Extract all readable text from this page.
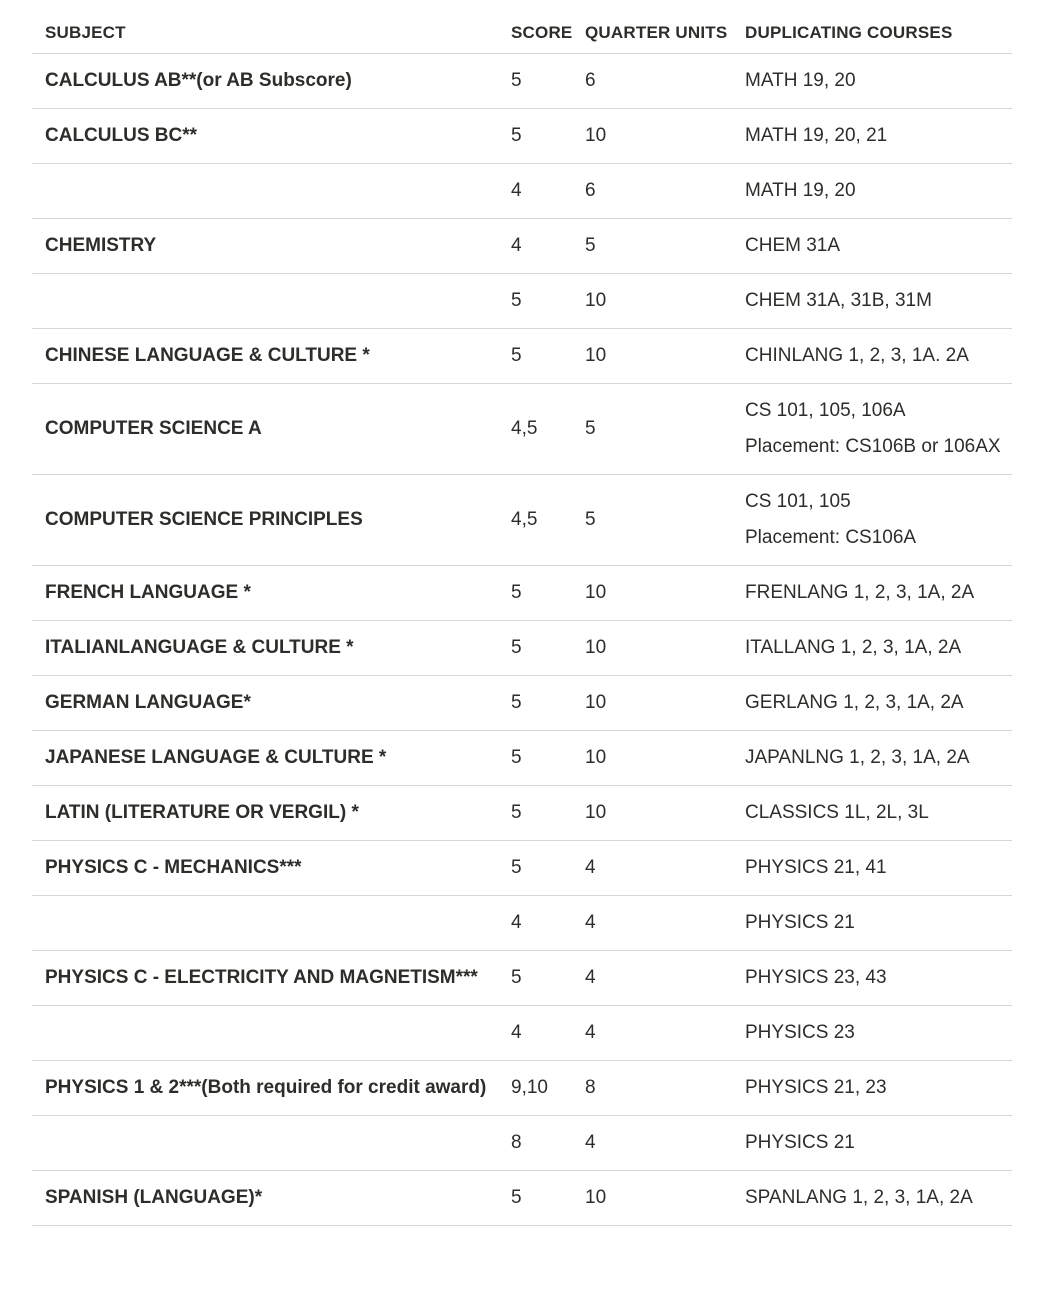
SUBJECT	SCORE	QUARTER UNITS	DUPLICATING COURSES
CALCULUS AB**(or AB Subscore)	5	6	MATH 19, 20

CALCULUS BC**	5	10	MATH 19, 20, 21

	4	6	MATH 19, 20

CHEMISTRY	4	5	CHEM 31A

	5	10	CHEM 31A, 31B, 31M

CHINESE LANGUAGE & CULTURE *	5	10	CHINLANG 1, 2, 3, 1A. 2A

COMPUTER SCIENCE A	4,5	5	CS 101, 105, 106A
Placement: CS106B or 106AX

COMPUTER SCIENCE PRINCIPLES	4,5	5	CS 101, 105
Placement: CS106A

FRENCH LANGUAGE *	5	10	FRENLANG 1, 2, 3, 1A, 2A

ITALIANLANGUAGE & CULTURE *	5	10	ITALLANG 1, 2, 3, 1A, 2A

GERMAN LANGUAGE*	5	10	GERLANG 1, 2, 3, 1A, 2A

JAPANESE LANGUAGE & CULTURE *	5	10	JAPANLNG 1, 2, 3, 1A, 2A

LATIN (LITERATURE OR VERGIL) *	5	10	CLASSICS 1L, 2L, 3L

PHYSICS C - MECHANICS***	5	4	PHYSICS 21, 41

	4	4	PHYSICS 21

PHYSICS C - ELECTRICITY AND MAGNETISM***	5	4	PHYSICS 23, 43

	4	4	PHYSICS 23

PHYSICS 1 & 2***(Both required for credit award)	9,10	8	PHYSICS 21, 23

	8	4	PHYSICS 21

SPANISH (LANGUAGE)*	5	10	SPANLANG 1, 2, 3, 1A, 2A
